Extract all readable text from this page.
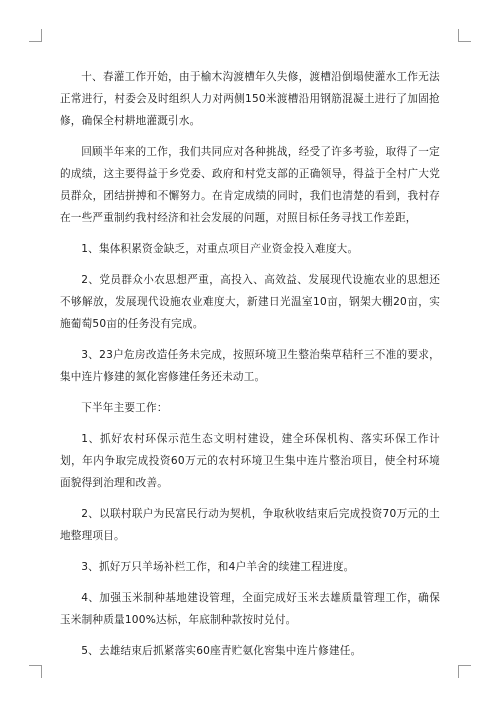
十、春灌工作开始，由于榆木沟渡槽年久失修，渡槽沿倒塌使灌水工作无法正常进行，村委会及时组织人力对两侧150米渡槽沿用钢筋混凝土进行了加固抢修，确保全村耕地灌溉引水。

回顾半年来的工作，我们共同应对各种挑战，经受了许多考验，取得了一定的成绩，这主要得益于乡党委、政府和村党支部的正确领导，得益于全村广大党员群众，团结拼搏和不懈努力。在肯定成绩的同时，我们也清楚的看到，我村存在一些严重制约我村经济和社会发展的问题，对照目标任务寻找工作差距，

1、集体积累资金缺乏，对重点项目产业资金投入难度大。

2、党员群众小农思想严重，高投入、高效益、发展现代设施农业的思想还不够解放，发展现代设施农业难度大，新建日光温室10亩，钢架大棚20亩，实施葡萄50亩的任务没有完成。

3、23户危房改造任务未完成，按照环境卫生整治柴草秸秆三不准的要求，集中连片修建的氮化窖修建任务还未动工。

下半年主要工作：

1、抓好农村环保示范生态文明村建设，建全环保机构、落实环保工作计划，年内争取完成投资60万元的农村环境卫生集中连片整治项目，使全村环境面貌得到治理和改善。

2、以联村联户为民富民行动为契机，争取秋收结束后完成投资70万元的土地整理项目。

3、抓好万只羊场补栏工作，和4户羊舍的续建工程进度。

4、加强玉米制种基地建设管理，全面完成好玉米去雄质量管理工作，确保玉米制种质量100%达标，年底制种款按时兑付。

5、去雄结束后抓紧落实60座青贮氨化窖集中连片修建任。
